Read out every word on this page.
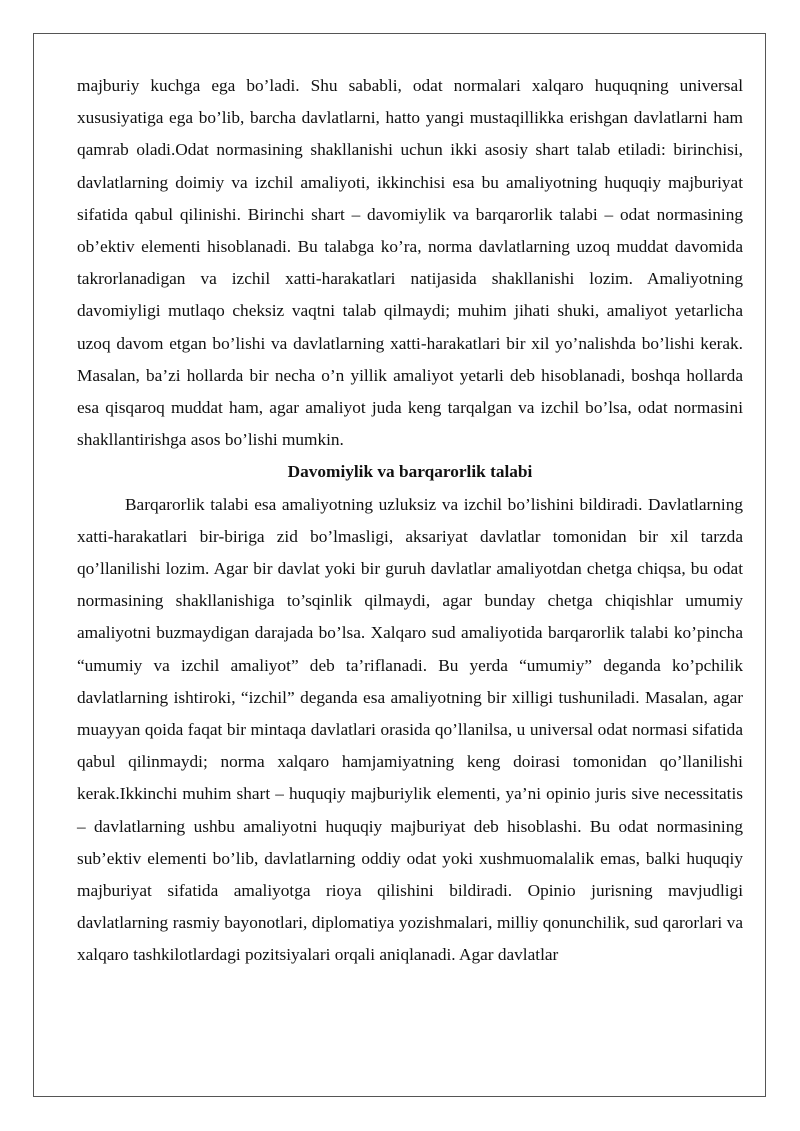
majburiy kuchga ega bo’ladi. Shu sababli, odat normalari xalqaro huquqning universal xususiyatiga ega bo’lib, barcha davlatlarni, hatto yangi mustaqillikka erishgan davlatlarni ham qamrab oladi.Odat normasining shakllanishi uchun ikki asosiy shart talab etiladi: birinchisi, davlatlarning doimiy va izchil amaliyoti, ikkinchisi esa bu amaliyotning huquqiy majburiyat sifatida qabul qilinishi. Birinchi shart – davomiylik va barqarorlik talabi – odat normasining ob’ektiv elementi hisoblanadi. Bu talabga ko’ra, norma davlatlarning uzoq muddat davomida takrorlanadigan va izchil xatti-harakatlari natijasida shakllanishi lozim. Amaliyotning davomiyligi mutlaqo cheksiz vaqtni talab qilmaydi; muhim jihati shuki, amaliyot yetarlicha uzoq davom etgan bo’lishi va davlatlarning xatti-harakatlari bir xil yo’nalishda bo’lishi kerak. Masalan, ba’zi hollarda bir necha o’n yillik amaliyot yetarli deb hisoblanadi, boshqa hollarda esa qisqaroq muddat ham, agar amaliyot juda keng tarqalgan va izchil bo’lsa, odat normasini shakllantirishga asos bo’lishi mumkin.

Davomiylik va barqarorlik talabi

Barqarorlik talabi esa amaliyotning uzluksiz va izchil bo’lishini bildiradi. Davlatlarning xatti-harakatlari bir-biriga zid bo’lmasligi, aksariyat davlatlar tomonidan bir xil tarzda qo’llanilishi lozim. Agar bir davlat yoki bir guruh davlatlar amaliyotdan chetga chiqsa, bu odat normasining shakllanishiga to’sqinlik qilmaydi, agar bunday chetga chiqishlar umumiy amaliyotni buzmaydigan darajada bo’lsa. Xalqaro sud amaliyotida barqarorlik talabi ko’pincha “umumiy va izchil amaliyot” deb ta’riflanadi. Bu yerda “umumiy” deganda ko’pchilik davlatlarning ishtiroki, “izchil” deganda esa amaliyotning bir xilligi tushuniladi. Masalan, agar muayyan qoida faqat bir mintaqa davlatlari orasida qo’llanilsa, u universal odat normasi sifatida qabul qilinmaydi; norma xalqaro hamjamiyatning keng doirasi tomonidan qo’llanilishi kerak.Ikkinchi muhim shart – huquqiy majburiylik elementi, ya’ni opinio juris sive necessitatis – davlatlarning ushbu amaliyotni huquqiy majburiyat deb hisoblashi. Bu odat normasining sub’ektiv elementi bo’lib, davlatlarning oddiy odat yoki xushmuomalalik emas, balki huquqiy majburiyat sifatida amaliyotga rioya qilishini bildiradi. Opinio jurisning mavjudligi davlatlarning rasmiy bayonotlari, diplomatiya yozishmalari, milliy qonunchilik, sud qarorlari va xalqaro tashkilotlardagi pozitsiyalari orqali aniqlanadi. Agar davlatlar
